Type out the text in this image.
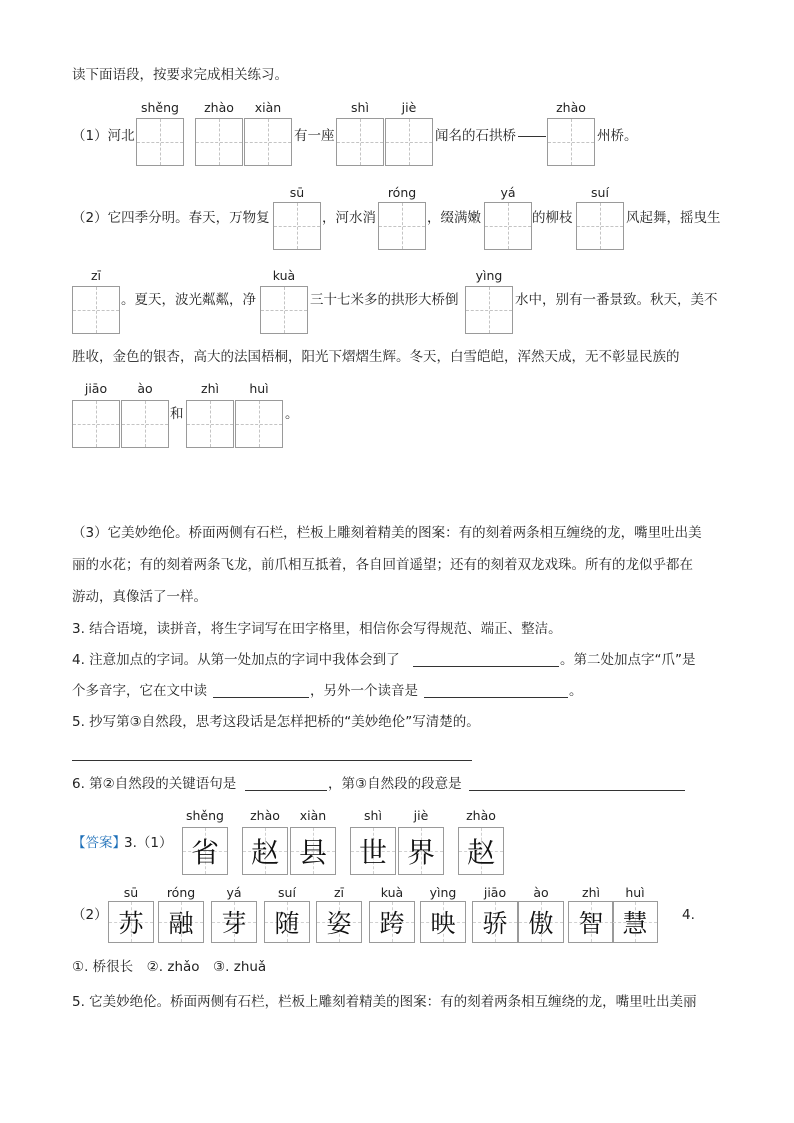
读下面语段，按要求完成相关练习。
shěng	zhào	xiàn	shì	jiè	zhào
（1）河北	有一座	闻名的石拱桥	州桥。
sū	róng	yá	suí
（2）它四季分明。春天，万物复	，河水消	，缀满嫩	的柳枝	风起舞，摇曳生
zī	kuà	yìng
。夏天，波光粼粼，净	三十七米多的拱形大桥倒	水中，别有一番景致。秋天，美不
胜收，金色的银杏，高大的法国梧桐，阳光下熠熠生辉。冬天，白雪皑皑，浑然天成，无不彰显民族的
jiāo	ào	zhì	huì
和	。
（3）它美妙绝伦。桥面两侧有石栏，栏板上雕刻着精美的图案：有的刻着两条相互缠绕的龙，嘴里吐出美
丽的水花；有的刻着两条飞龙，前爪相互抵着，各自回首遥望；还有的刻着双龙戏珠。所有的龙似乎都在
游动，真像活了一样。
3. 结合语境，读拼音，将生字词写在田字格里，相信你会写得规范、端正、整洁。
4. 注意加点的字词。从第一处加点的字词中我体会到了	。第二处加点字“爪”是
个多音字，它在文中读	，另外一个读音是	。
5. 抄写第③自然段，思考这段话是怎样把桥的“美妙绝伦”写清楚的。
6. 第②自然段的关键语句是	，第③自然段的段意是
【答案】
3.（1）
shěng	zhào	xiàn	shì	jiè	zhào
省 赵 县 世 界 赵
（2）
sū	róng	yá	suí	zī	kuà	yìng	jiāo	ào	zhì	huì
苏 融	芽	随	姿	跨	映	骄 傲 智 慧	4.
①. 桥很长　②. zhǎo　③. zhuǎ
5. 它美妙绝伦。桥面两侧有石栏，栏板上雕刻着精美的图案：有的刻着两条相互缠绕的龙，嘴里吐出美丽
